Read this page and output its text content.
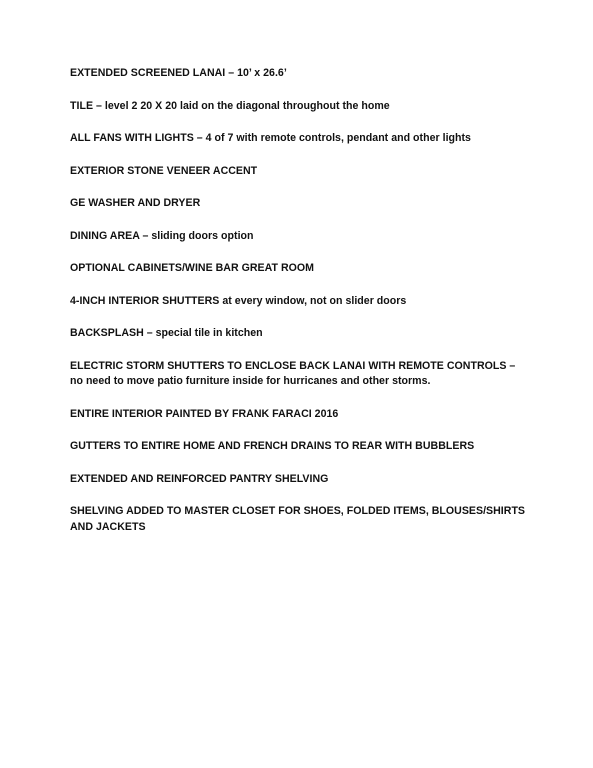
EXTENDED SCREENED LANAI – 10’ x 26.6’
TILE – level 2 20 X 20 laid on the diagonal throughout the home
ALL FANS WITH LIGHTS – 4 of 7 with remote controls, pendant and other lights
EXTERIOR STONE VENEER ACCENT
GE WASHER AND DRYER
DINING AREA – sliding doors option
OPTIONAL CABINETS/WINE BAR GREAT ROOM
4-INCH INTERIOR SHUTTERS at every window, not on slider doors
BACKSPLASH – special tile in kitchen
ELECTRIC STORM SHUTTERS TO ENCLOSE BACK LANAI WITH REMOTE CONTROLS – no need to move patio furniture inside for hurricanes and other storms.
ENTIRE INTERIOR PAINTED BY FRANK FARACI 2016
GUTTERS TO ENTIRE HOME AND FRENCH DRAINS TO REAR WITH BUBBLERS
EXTENDED AND REINFORCED PANTRY SHELVING
SHELVING ADDED TO MASTER CLOSET FOR SHOES, FOLDED ITEMS, BLOUSES/SHIRTS AND JACKETS
